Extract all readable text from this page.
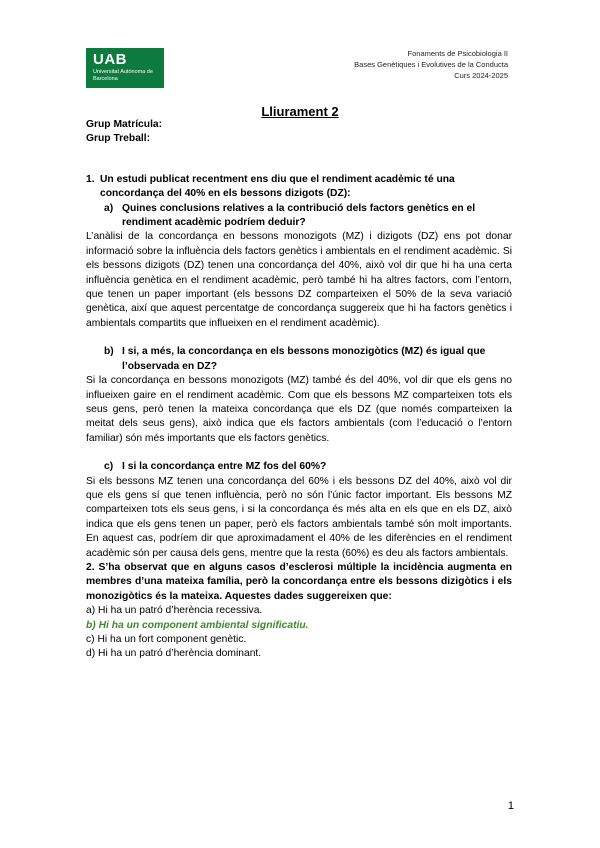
UAB
Universitat Autònoma de Barcelona
Fonaments de Psicobiologia II
Bases Genètiques i Evolutives de la Conducta
Curs 2024-2025
Lliurament 2

Grup Matrícula:

Grup Treball:

1. Un estudi publicat recentment ens diu que el rendiment acadèmic té una concordança del 40% en els bessons dizigots (DZ):
a) Quines conclusions relatives a la contribució dels factors genètics en el rendiment acadèmic podríem deduir?

L’anàlisi de la concordança en bessons monozigots (MZ) i dizigots (DZ) ens pot donar informació sobre la influència dels factors genètics i ambientals en el rendiment acadèmic. Si els bessons dizigots (DZ) tenen una concordança del 40%, això vol dir que hi ha una certa influència genètica en el rendiment acadèmic, però també hi ha altres factors, com l’entorn, que tenen un paper important (els bessons DZ comparteixen el 50% de la seva variació genètica, així que aquest percentatge de concordança suggereix que hi ha factors genètics i ambientals compartits que influeixen en el rendiment acadèmic).

b) I si, a més, la concordança en els bessons monozigòtics (MZ) és igual que l’observada en DZ?

Si la concordança en bessons monozigots (MZ) també és del 40%, vol dir que els gens no influeixen gaire en el rendiment acadèmic. Com que els bessons MZ comparteixen tots els seus gens, però tenen la mateixa concordança que els DZ (que només comparteixen la meitat dels seus gens), això indica que els factors ambientals (com l’educació o l’entorn familiar) són més importants que els factors genètics.

c) I si la concordança entre MZ fos del 60%?

Si els bessons MZ tenen una concordança del 60% i els bessons DZ del 40%, això vol dir que els gens sí que tenen influència, però no són l’únic factor important. Els bessons MZ comparteixen tots els seus gens, i si la concordança és més alta en els que en els DZ, això indica que els gens tenen un paper, però els factors ambientals també són molt importants. En aquest cas, podríem dir que aproximadament el 40% de les diferències en el rendiment acadèmic són per causa dels gens, mentre que la resta (60%) es deu als factors ambientals.

2. S’ha observat que en alguns casos d’esclerosi múltiple la incidència augmenta en membres d’una mateixa família, però la concordança entre els bessons dizigòtics i els monozigòtics és la mateixa. Aquestes dades suggereixen que:

a) Hi ha un patró d’herència recessiva.

b) Hi ha un component ambiental significatiu.

c) Hi ha un fort component genètic.

d) Hi ha un patró d’herència dominant.

1
